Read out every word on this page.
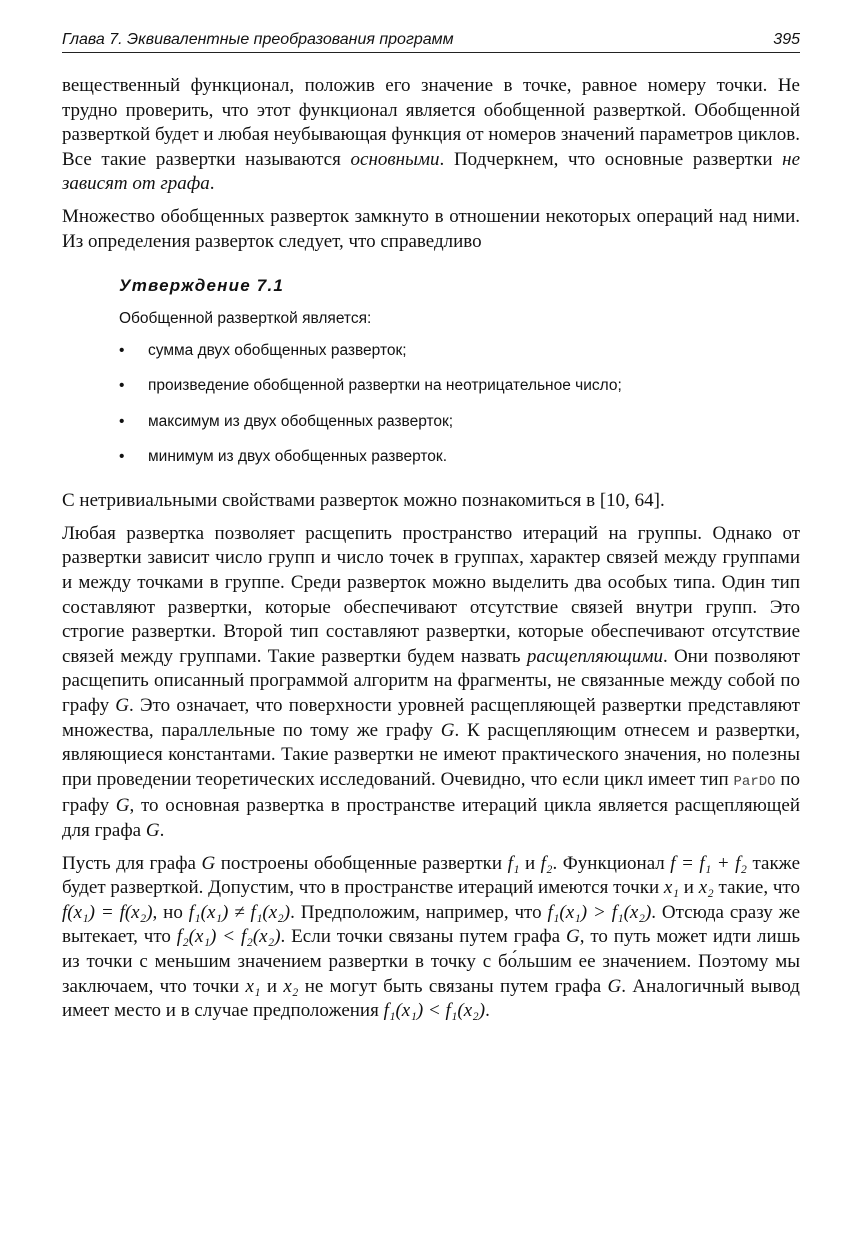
Глава 7. Эквивалентные преобразования программ	395

вещественный функционал, положив его значение в точке, равное номеру точки. Не трудно проверить, что этот функционал является обобщенной разверткой. Обобщенной разверткой будет и любая неубывающая функция от номеров значений параметров циклов. Все такие развертки называются основными. Подчеркнем, что основные развертки не зависят от графа.

Множество обобщенных разверток замкнуто в отношении некоторых операций над ними. Из определения разверток следует, что справедливо

Утверждение 7.1
Обобщенной разверткой является:
• сумма двух обобщенных разверток;
• произведение обобщенной развертки на неотрицательное число;
• максимум из двух обобщенных разверток;
• минимум из двух обобщенных разверток.

С нетривиальными свойствами разверток можно познакомиться в [10, 64].

Любая развертка позволяет расщепить пространство итераций на группы. Однако от развертки зависит число групп и число точек в группах, характер связей между группами и между точками в группе. Среди разверток можно выделить два особых типа. Один тип составляют развертки, которые обеспечивают отсутствие связей внутри групп. Это строгие развертки. Второй тип составляют развертки, которые обеспечивают отсутствие связей между группами. Такие развертки будем назвать расщепляющими. Они позволяют расщепить описанный программой алгоритм на фрагменты, не связанные между собой по графу G. Это означает, что поверхности уровней расщепляющей развертки представляют множества, параллельные по тому же графу G. К расщепляющим отнесем и развертки, являющиеся константами. Такие развертки не имеют практического значения, но полезны при проведении теоретических исследований. Очевидно, что если цикл имеет тип ParDO по графу G, то основная развертка в пространстве итераций цикла является расщепляющей для графа G.

Пусть для графа G построены обобщенные развертки f₁ и f₂. Функционал f = f₁ + f₂ также будет разверткой. Допустим, что в пространстве итераций имеются точки x₁ и x₂ такие, что f(x₁) = f(x₂), но f₁(x₁) ≠ f₁(x₂). Предположим, например, что f₁(x₁) > f₁(x₂). Отсюда сразу же вытекает, что f₂(x₁) < f₂(x₂). Если точки связаны путем графа G, то путь может идти лишь из точки с меньшим значением развертки в точку с бо́льшим ее значением. Поэтому мы заключаем, что точки x₁ и x₂ не могут быть связаны путем графа G. Аналогичный вывод имеет место и в случае предположения f₁(x₁) < f₁(x₂).
